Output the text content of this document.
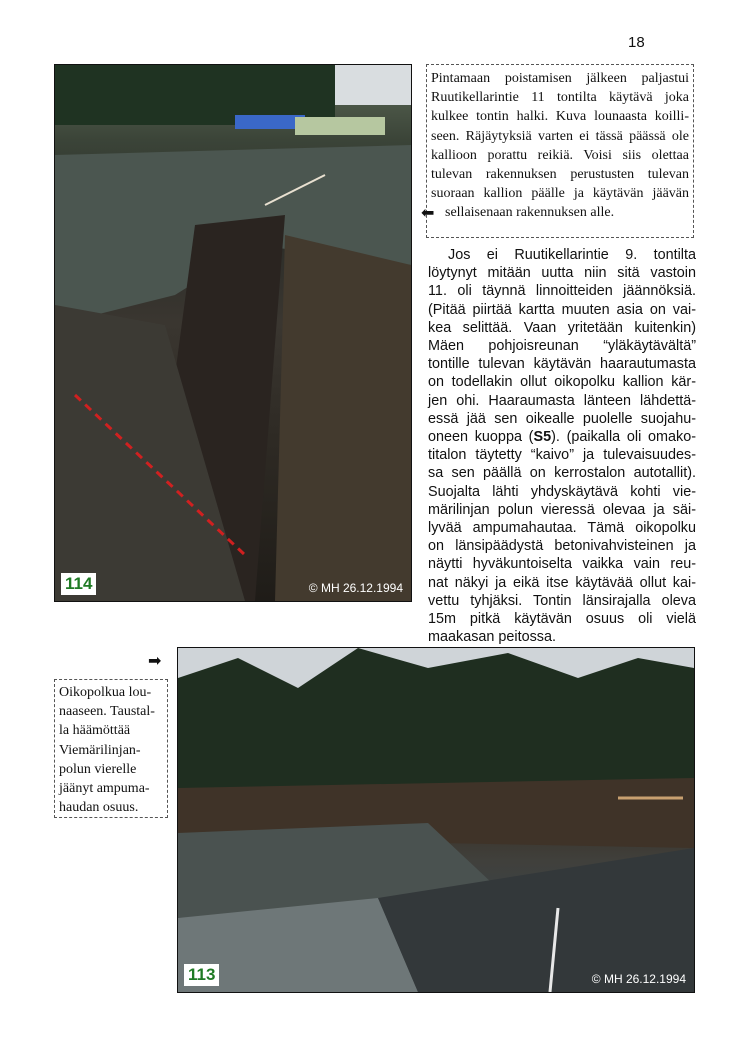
18
114	© MH 26.12.1994
Pintamaan poistamisen jälkeen paljastui
Ruutikellarintie 11 tontilta käytävä joka
kulkee tontin halki. Kuva lounaasta koilli-
seen. Räjäytyksiä varten ei tässä päässä ole
kallioon porattu reikiä. Voisi siis olettaa
tulevan rakennuksen perustusten tulevan
suoraan kallion päälle ja käytävän jäävän
sellaisenaan rakennuksen alle.
⬅
Jos ei Ruutikellarintie 9. tontilta
löytynyt mitään uutta niin sitä vastoin
11. oli täynnä linnoitteiden jäännöksiä.
(Pitää piirtää kartta muuten asia on vai-
kea selittää. Vaan yritetään kuitenkin)
Mäen pohjoisreunan “yläkäytävältä”
tontille tulevan käytävän haarautumasta
on todellakin ollut oikopolku kallion kär-
jen ohi. Haaraumasta länteen lähdettä-
essä jää sen oikealle puolelle suojahu-
oneen kuoppa (S5). (paikalla oli omako-
titalon täytetty “kaivo” ja tulevaisuudes-
sa sen päällä on kerrostalon autotallit).
Suojalta lähti yhdyskäytävä kohti vie-
märilinjan polun vieressä olevaa ja säi-
lyvää ampumahautaa. Tämä oikopolku
on länsipäädystä betonivahvisteinen ja
näytti hyväkuntoiselta vaikka vain reu-
nat näkyi ja eikä itse käytävää ollut kai-
vettu tyhjäksi. Tontin länsirajalla oleva
15m pitkä käytävän osuus oli vielä
maakasan peitossa.
➡
Oikopolkua lou-
naaseen. Taustal-
la häämöttää
Viemärilinjan-
polun vierelle
jäänyt ampuma-
haudan osuus.
113	© MH 26.12.1994
